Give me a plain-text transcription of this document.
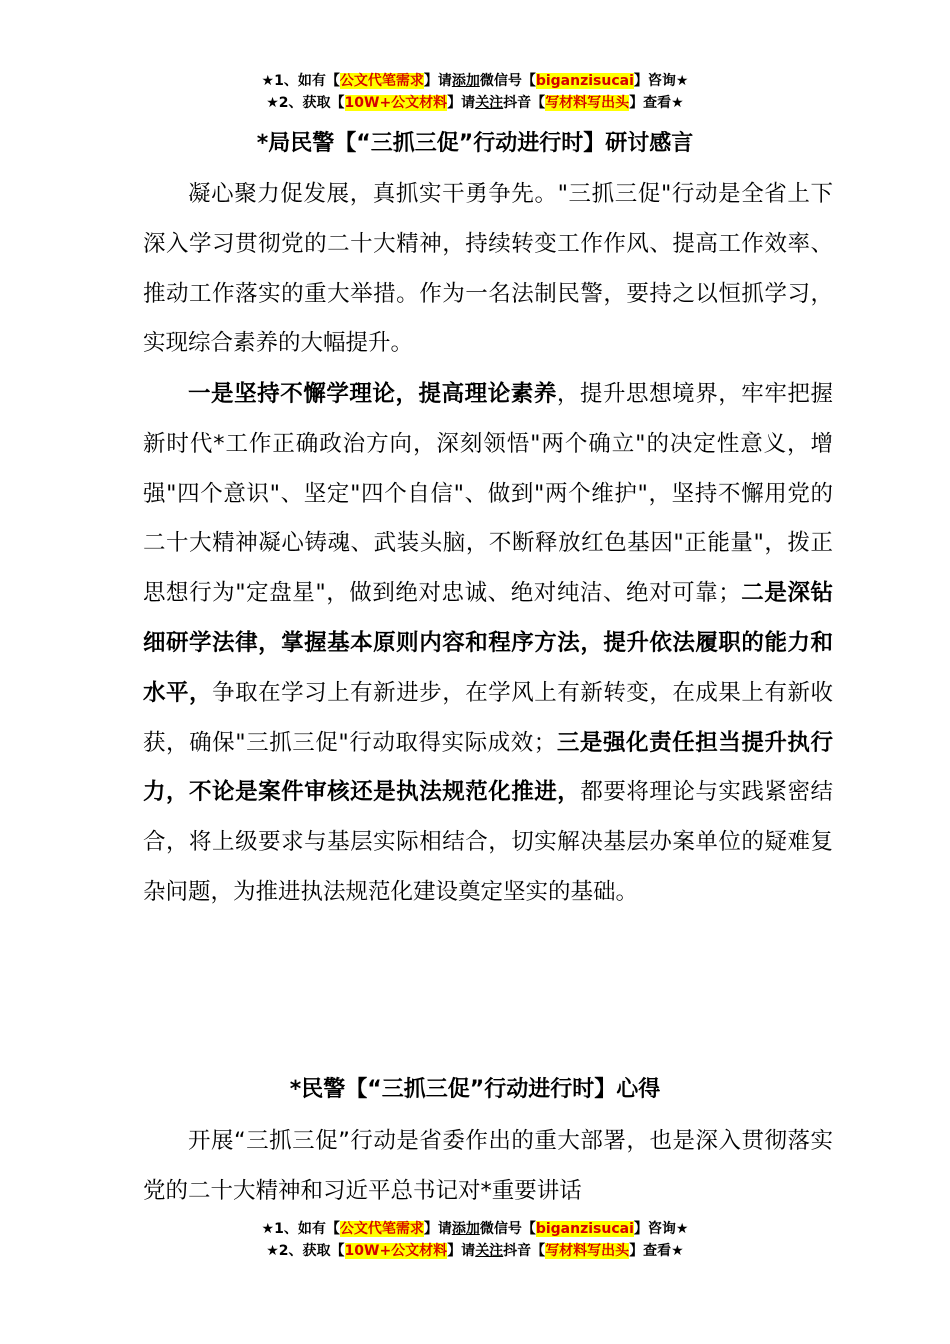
★1、如有【公文代笔需求】请添加微信号【biganzisucai】咨询★
★2、获取【10W+公文材料】请关注抖音【写材料写出头】查看★
*局民警【“三抓三促”行动进行时】研讨感言
凝心聚力促发展，真抓实干勇争先。"三抓三促"行动是全省上下深入学习贯彻党的二十大精神，持续转变工作作风、提高工作效率、推动工作落实的重大举措。作为一名法制民警，要持之以恒抓学习，实现综合素养的大幅提升。
一是坚持不懈学理论，提高理论素养，提升思想境界，牢牢把握新时代*工作正确政治方向，深刻领悟"两个确立"的决定性意义，增强"四个意识"、坚定"四个自信"、做到"两个维护"，坚持不懈用党的二十大精神凝心铸魂、武装头脑，不断释放红色基因"正能量"，拨正思想行为"定盘星"，做到绝对忠诚、绝对纯洁、绝对可靠；二是深钻细研学法律，掌握基本原则内容和程序方法，提升依法履职的能力和水平，争取在学习上有新进步，在学风上有新转变，在成果上有新收获，确保"三抓三促"行动取得实际成效；三是强化责任担当提升执行力，不论是案件审核还是执法规范化推进，都要将理论与实践紧密结合，将上级要求与基层实际相结合，切实解决基层办案单位的疑难复杂问题，为推进执法规范化建设奠定坚实的基础。
*民警【“三抓三促”行动进行时】心得
开展“三抓三促”行动是省委作出的重大部署，也是深入贯彻落实党的二十大精神和习近平总书记对*重要讲话
★1、如有【公文代笔需求】请添加微信号【biganzisucai】咨询★
★2、获取【10W+公文材料】请关注抖音【写材料写出头】查看★
